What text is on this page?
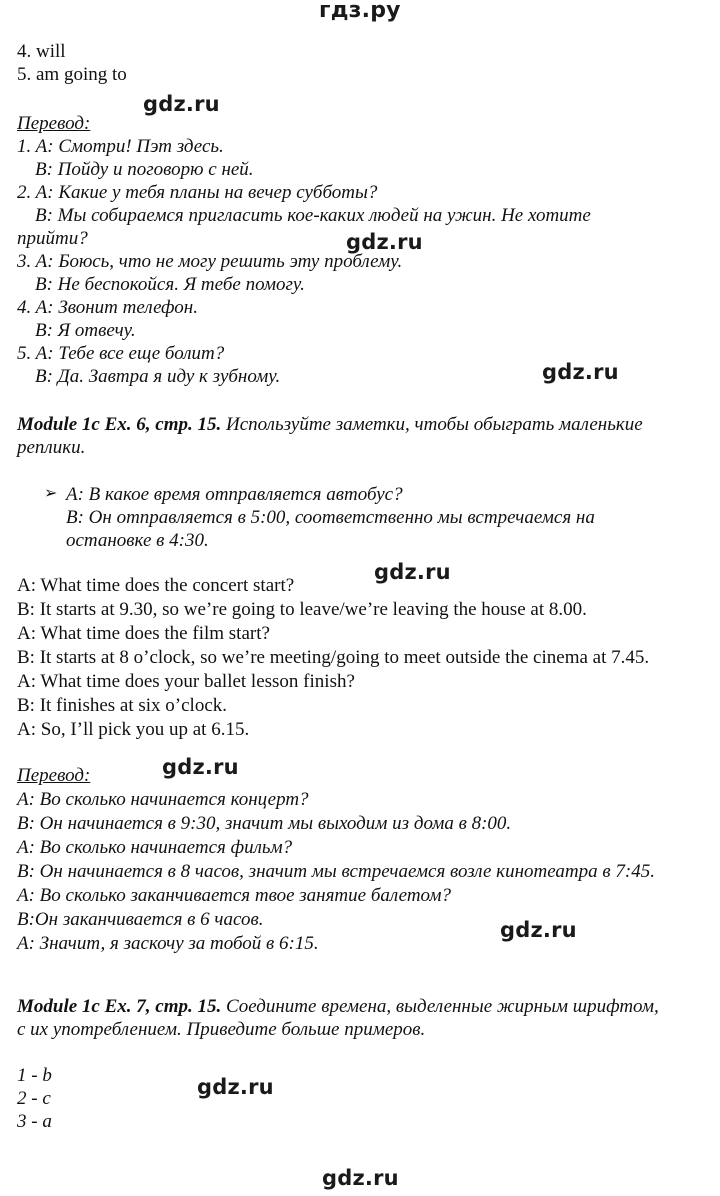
гдз.ру
4. will
5. am going to
gdz.ru
Перевод:
1. A: Смотри! Пэт здесь.
B: Пойду и поговорю с ней.
2. A: Какие у тебя планы на вечер субботы?
B: Мы собираемся пригласить кое-каких людей на ужин. Не хотите
прийти?
3. A: Боюсь, что не могу решить эту проблему.
B: Не беспокойся. Я тебе помогу.
4. A: Звонит телефон.
B: Я отвечу.
5. A: Тебе все еще болит?
B: Да. Завтра я иду к зубному.
gdz.ru
gdz.ru
Module 1c Ex. 6, стр. 15. Используйте заметки, чтобы обыграть маленькие
реплики.
➢ A: В какое время отправляется автобус?
B: Он отправляется в 5:00, соответственно мы встречаемся на
остановке в 4:30.
gdz.ru
A: What time does the concert start?
B: It starts at 9.30, so we’re going to leave/we’re leaving the house at 8.00.
A: What time does the film start?
B: It starts at 8 o’clock, so we’re meeting/going to meet outside the cinema at 7.45.
A: What time does your ballet lesson finish?
B: It finishes at six o’clock.
A: So, I’ll pick you up at 6.15.
Перевод:	gdz.ru
A: Во сколько начинается концерт?
B: Он начинается в 9:30, значит мы выходим из дома в 8:00.
A: Во сколько начинается фильм?
B: Он начинается в 8 часов, значит мы встречаемся возле кинотеатра в 7:45.
A: Во сколько заканчивается твое занятие балетом?
B:Он заканчивается в 6 часов.
A: Значит, я заскочу за тобой в 6:15.
gdz.ru
Module 1c Ex. 7, стр. 15. Соедините времена, выделенные жирным шрифтом,
с их употреблением. Приведите больше примеров.
1 - b
2 - c
3 - a
gdz.ru
gdz.ru
